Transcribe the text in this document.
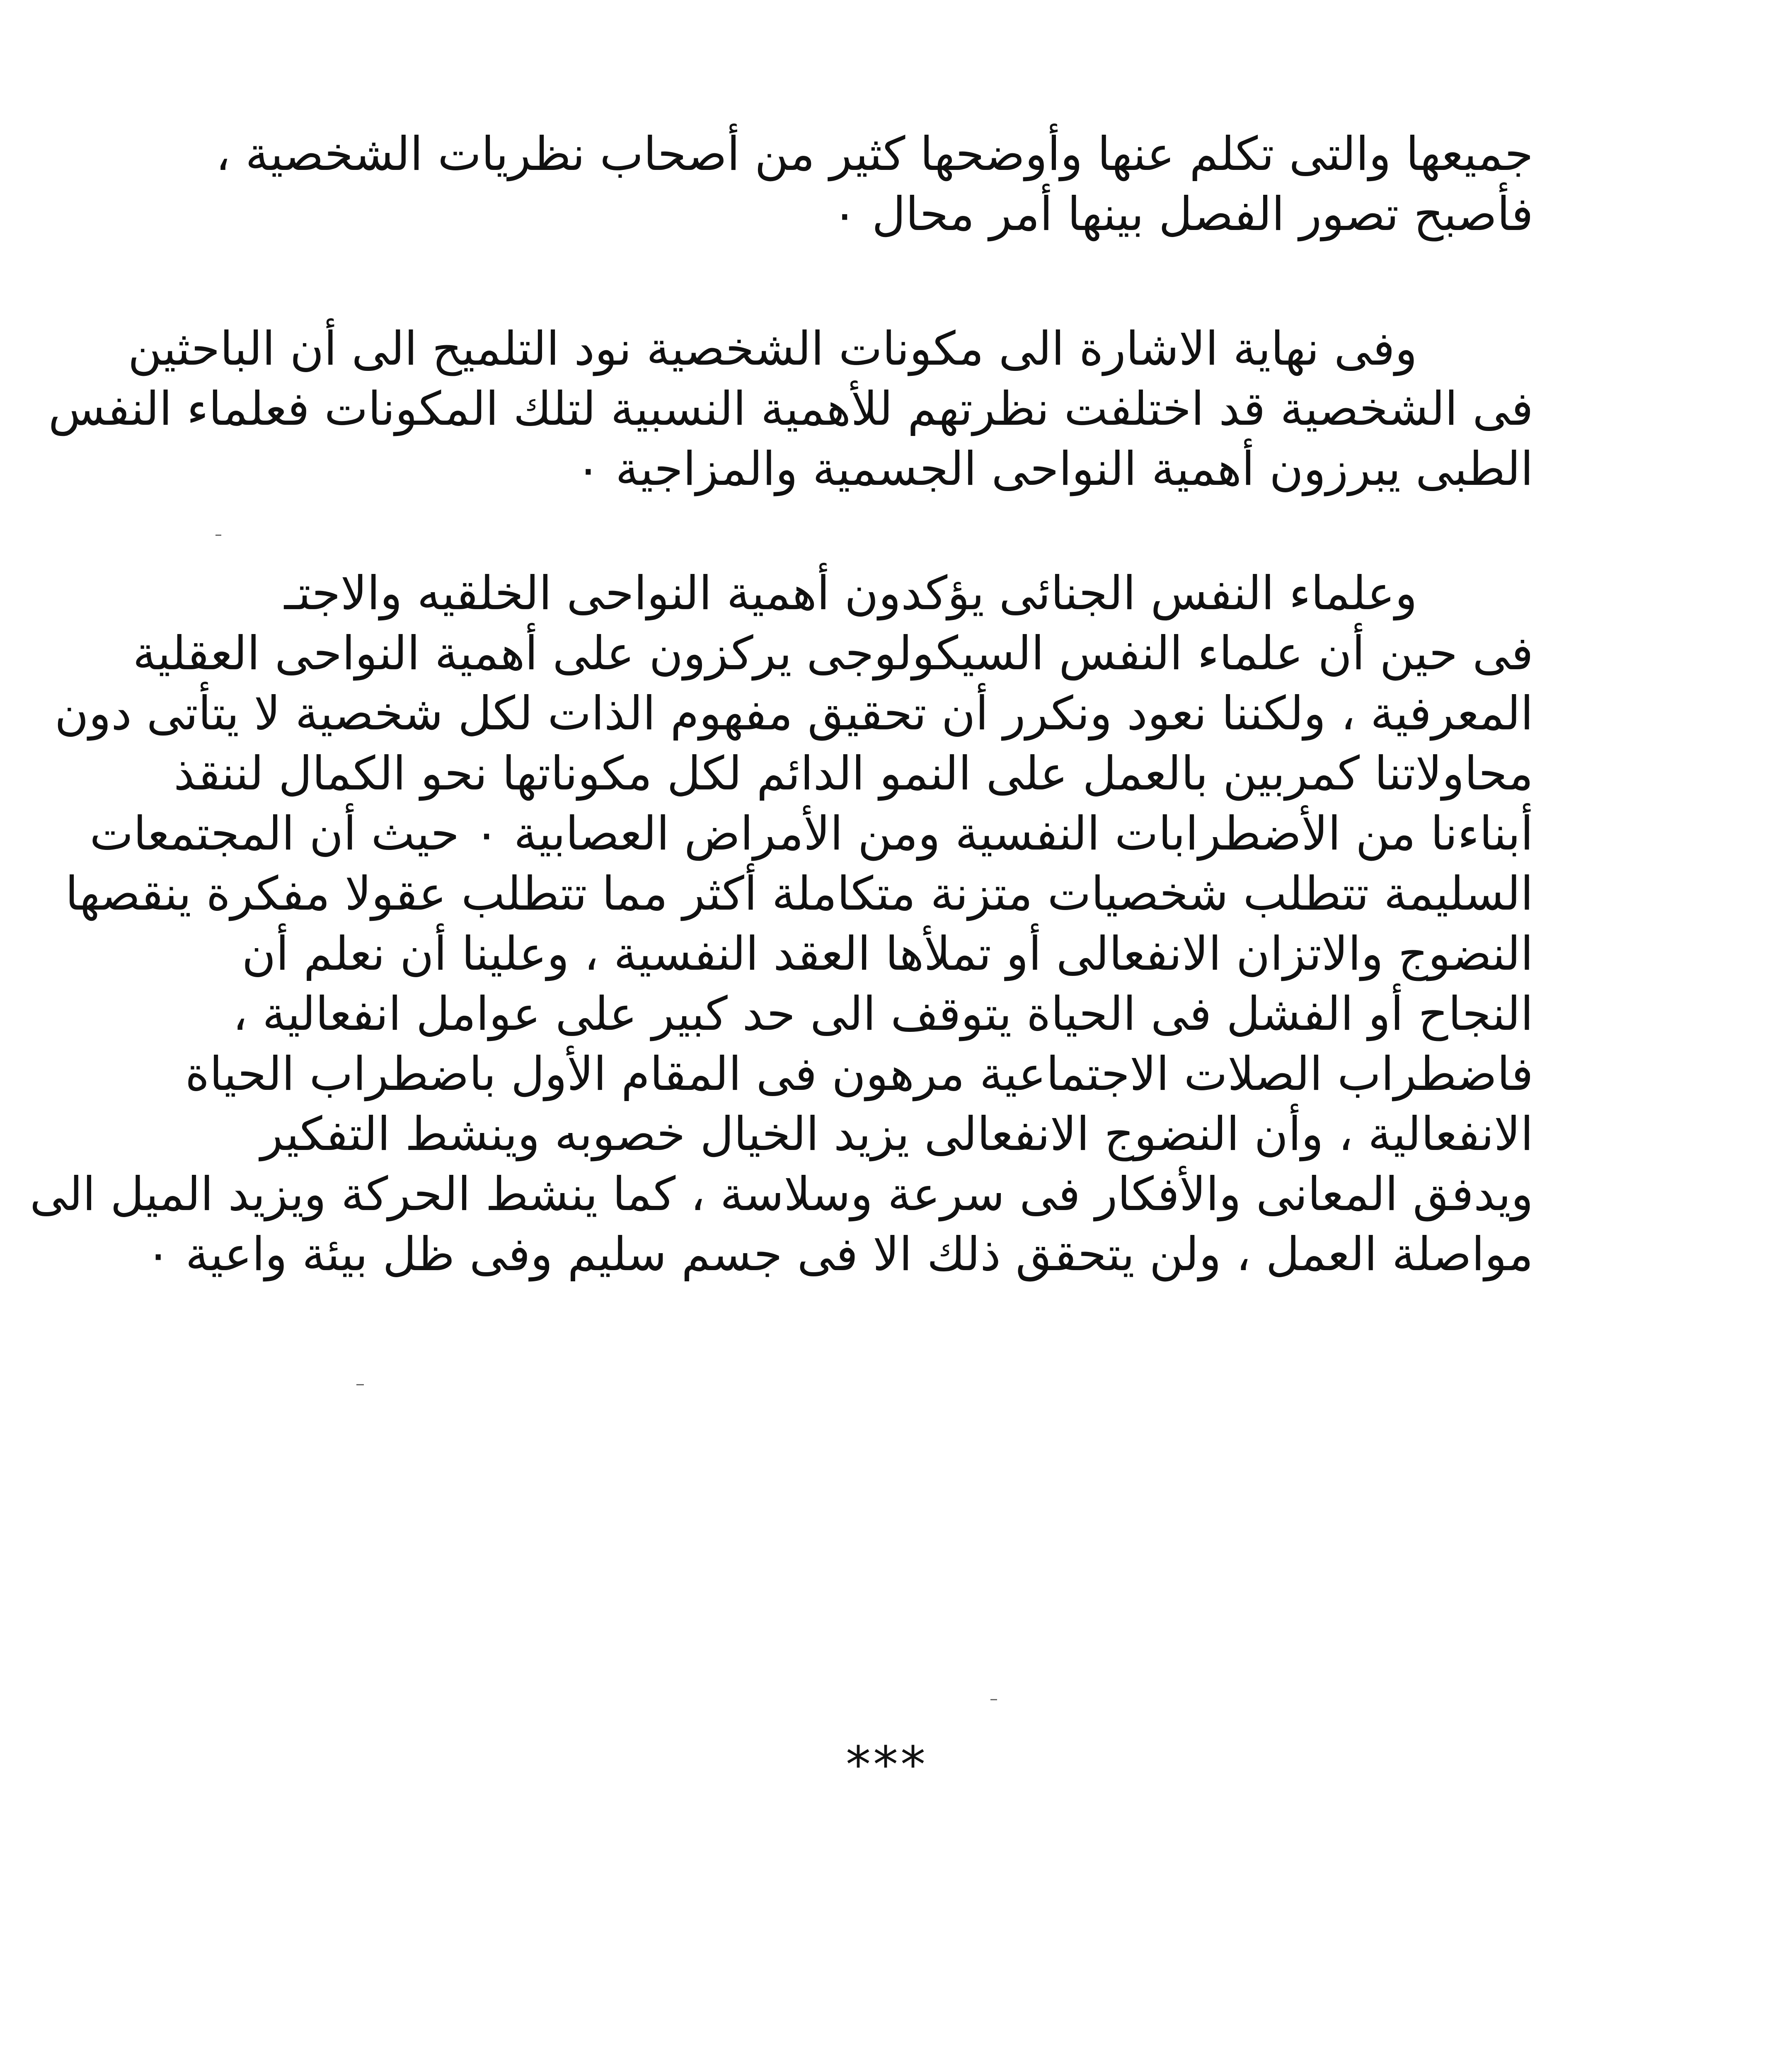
جميعها والتى تكلم عنها وأوضحها كثير من أصحاب نظريات الشخصية ،
فأصبح تصور الفصل بينها أمر محال ٠
وفى نهاية الاشارة الى مكونات الشخصية نود التلميح الى أن الباحثين
فى الشخصية قد اختلفت نظرتهم للأهمية النسبية لتلك المكونات فعلماء النفس
الطبى يبرزون أهمية النواحى الجسمية والمزاجية ٠
وعلماء النفس الجنائى يؤكدون أهمية النواحى الخلقيه والاجتـ
فى حين أن علماء النفس السيكولوجى يركزون على أهمية النواحى العقلية
المعرفية ، ولكننا نعود ونكرر أن تحقيق مفهوم الذات لكل شخصية لا يتأتى دون
محاولاتنا كمربين بالعمل على النمو الدائم لكل مكوناتها نحو الكمال لننقذ
أبناءنا من الأضطرابات النفسية ومن الأمراض العصابية ٠ حيث أن المجتمعات
السليمة تتطلب شخصيات متزنة متكاملة أكثر مما تتطلب عقولا مفكرة ينقصها
النضوج والاتزان الانفعالى أو تملأها العقد النفسية ، وعلينا أن نعلم أن
النجاح أو الفشل فى الحياة يتوقف الى حد كبير على عوامل انفعالية ،
فاضطراب الصلات الاجتماعية مرهون فى المقام الأول باضطراب الحياة
الانفعالية ، وأن النضوج الانفعالى يزيد الخيال خصوبه وينشط التفكير
ويدفق المعانى والأفكار فى سرعة وسلاسة ، كما ينشط الحركة ويزيد الميل الى
مواصلة العمل ، ولن يتحقق ذلك الا فى جسم سليم وفى ظل بيئة واعية ٠
***
